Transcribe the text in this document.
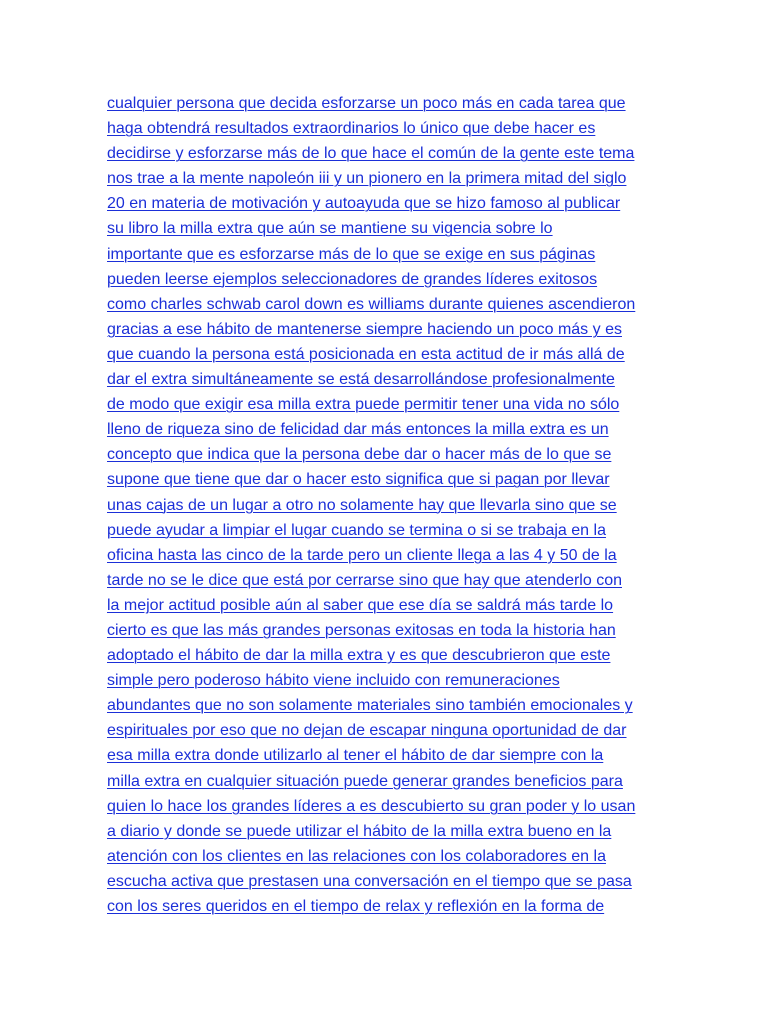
cualquier persona que decida esforzarse un poco más en cada tarea que
haga obtendrá resultados extraordinarios lo único que debe hacer es
decidirse y esforzarse más de lo que hace el común de la gente este tema
nos trae a la mente napoleón iii y un pionero en la primera mitad del siglo
20 en materia de motivación y autoayuda que se hizo famoso al publicar
su libro la milla extra que aún se mantiene su vigencia sobre lo
importante que es esforzarse más de lo que se exige en sus páginas
pueden leerse ejemplos seleccionadores de grandes líderes exitosos
como charles schwab carol down es williams durante quienes ascendieron
gracias a ese hábito de mantenerse siempre haciendo un poco más y es
que cuando la persona está posicionada en esta actitud de ir más allá de
dar el extra simultáneamente se está desarrollándose profesionalmente
de modo que exigir esa milla extra puede permitir tener una vida no sólo
lleno de riqueza sino de felicidad dar más entonces la milla extra es un
concepto que indica que la persona debe dar o hacer más de lo que se
supone que tiene que dar o hacer esto significa que si pagan por llevar
unas cajas de un lugar a otro no solamente hay que llevarla sino que se
puede ayudar a limpiar el lugar cuando se termina o si se trabaja en la
oficina hasta las cinco de la tarde pero un cliente llega a las 4 y 50 de la
tarde no se le dice que está por cerrarse sino que hay que atenderlo con
la mejor actitud posible aún al saber que ese día se saldrá más tarde lo
cierto es que las más grandes personas exitosas en toda la historia han
adoptado el hábito de dar la milla extra y es que descubrieron que este
simple pero poderoso hábito viene incluido con remuneraciones
abundantes que no son solamente materiales sino también emocionales y
espirituales por eso que no dejan de escapar ninguna oportunidad de dar
esa milla extra donde utilizarlo al tener el hábito de dar siempre con la
milla extra en cualquier situación puede generar grandes beneficios para
quien lo hace los grandes líderes a es descubierto su gran poder y lo usan
a diario y donde se puede utilizar el hábito de la milla extra bueno en la
atención con los clientes en las relaciones con los colaboradores en la
escucha activa que prestasen una conversación en el tiempo que se pasa
con los seres queridos en el tiempo de relax y reflexión en la forma de
